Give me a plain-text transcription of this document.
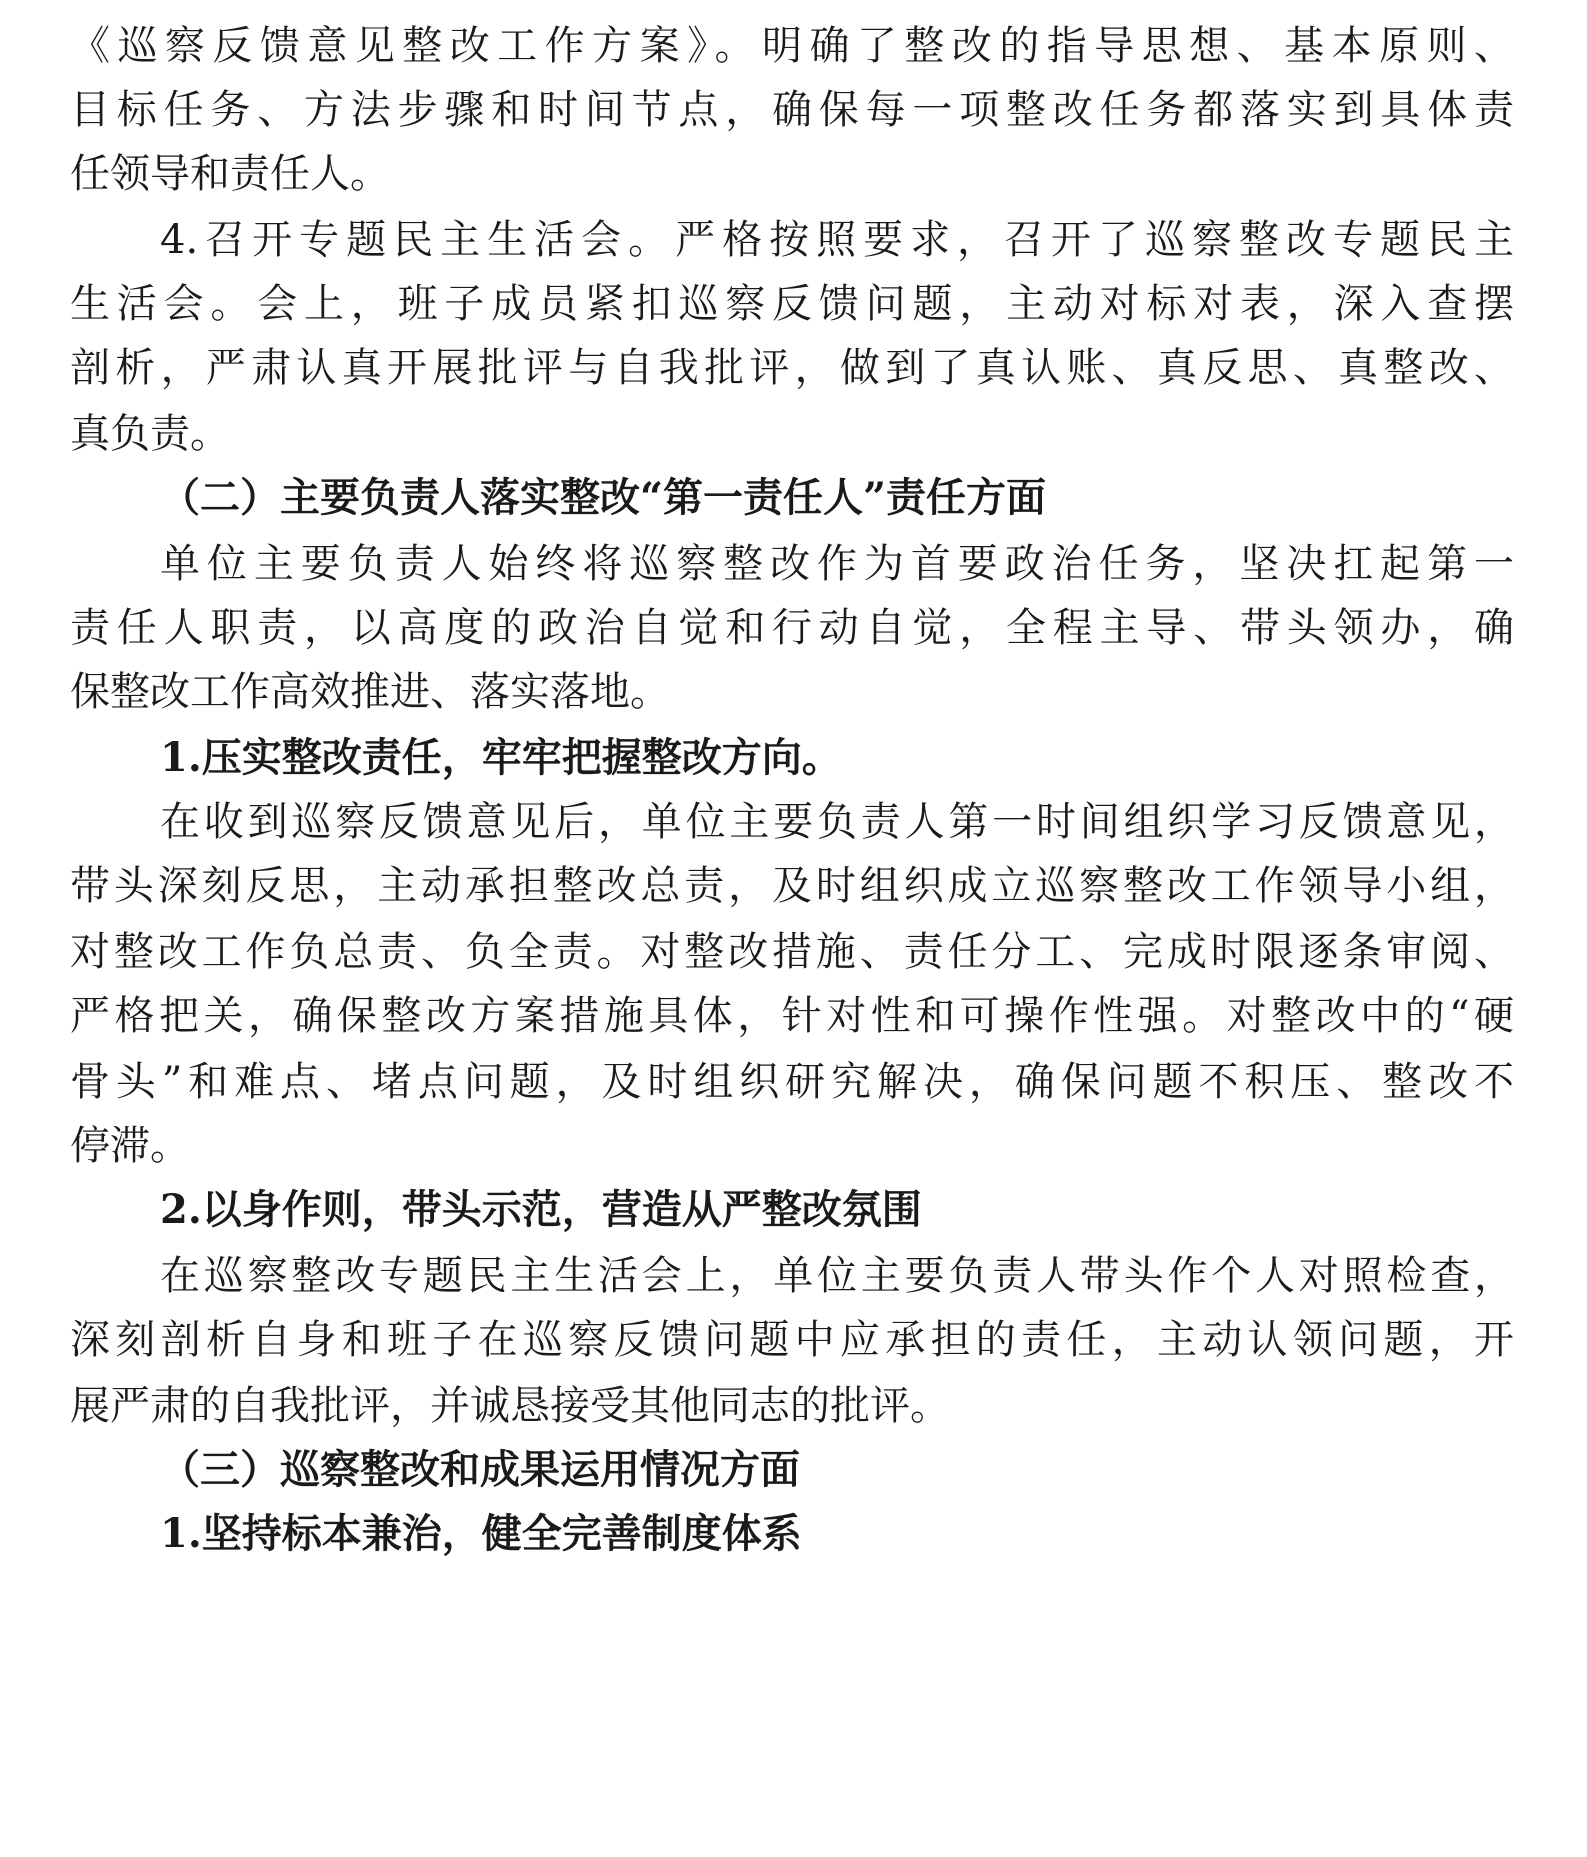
《巡察反馈意见整改工作方案》。明确了整改的指导思想、基本原则、
目标任务、方法步骤和时间节点，确保每一项整改任务都落实到具体责
任领导和责任人。
4.召开专题民主生活会。严格按照要求，召开了巡察整改专题民主
生活会。会上，班子成员紧扣巡察反馈问题，主动对标对表，深入查摆
剖析，严肃认真开展批评与自我批评，做到了真认账、真反思、真整改、
真负责。
（二）主要负责人落实整改“第一责任人”责任方面
单位主要负责人始终将巡察整改作为首要政治任务，坚决扛起第一
责任人职责，以高度的政治自觉和行动自觉，全程主导、带头领办，确
保整改工作高效推进、落实落地。
1.压实整改责任，牢牢把握整改方向。
在收到巡察反馈意见后，单位主要负责人第一时间组织学习反馈意见，
带头深刻反思，主动承担整改总责，及时组织成立巡察整改工作领导小组，
对整改工作负总责、负全责。对整改措施、责任分工、完成时限逐条审阅、
严格把关，确保整改方案措施具体，针对性和可操作性强。对整改中的“硬
骨头”和难点、堵点问题，及时组织研究解决，确保问题不积压、整改不
停滞。
2.以身作则，带头示范，营造从严整改氛围
在巡察整改专题民主生活会上，单位主要负责人带头作个人对照检查，
深刻剖析自身和班子在巡察反馈问题中应承担的责任，主动认领问题，开
展严肃的自我批评，并诚恳接受其他同志的批评。
（三）巡察整改和成果运用情况方面
1.坚持标本兼治，健全完善制度体系
